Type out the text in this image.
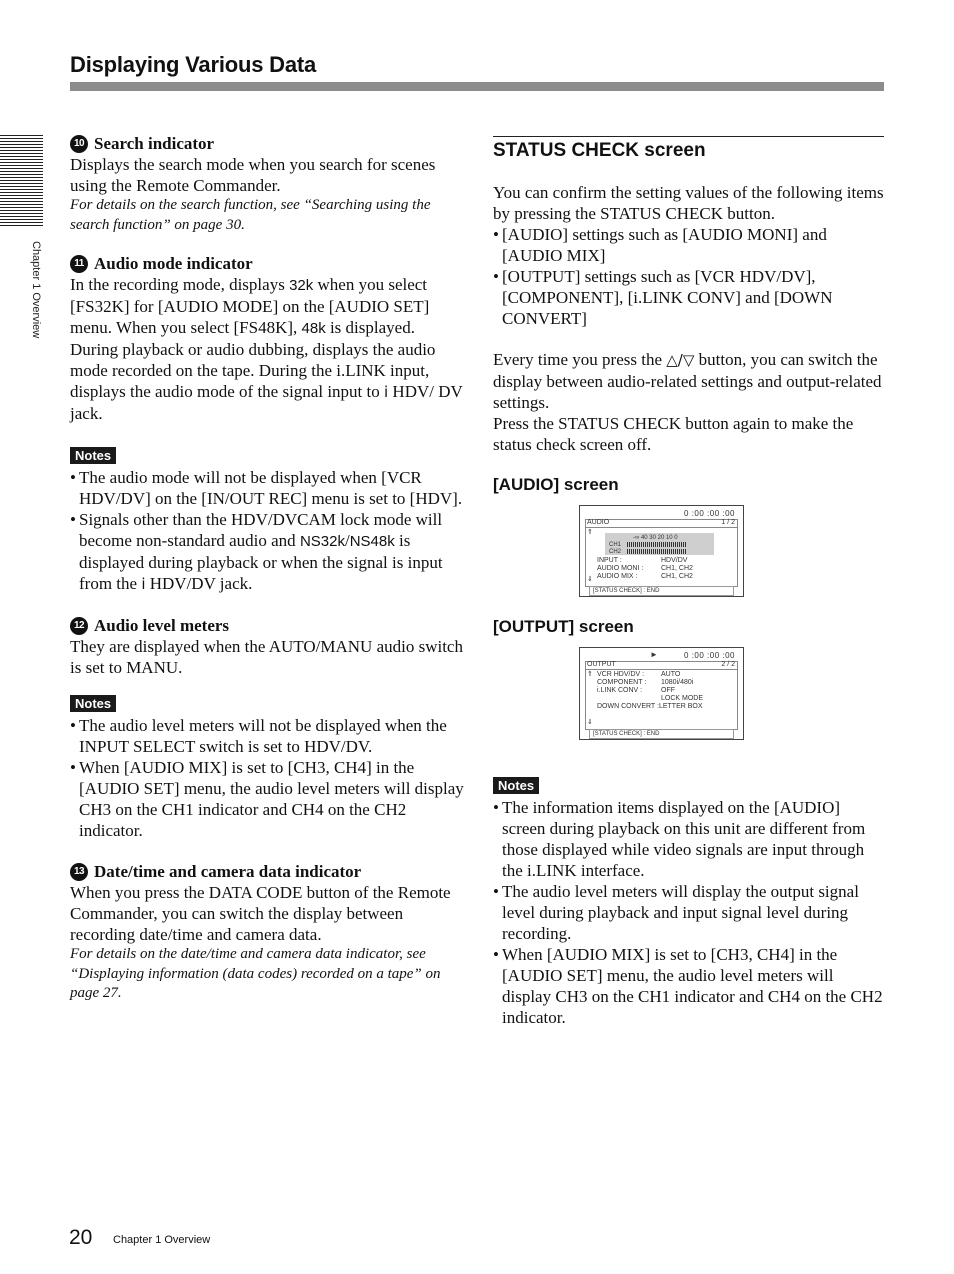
Displaying Various Data
Chapter 1 Overview
10 Search indicator

Displays the search mode when you search for scenes using the Remote Commander.

For details on the search function, see “Searching using the search function” on page 30.

11 Audio mode indicator

In the recording mode, displays 32k when you select [FS32K] for [AUDIO MODE] on the [AUDIO SET] menu. When you select [FS48K], 48k is displayed. During playback or audio dubbing, displays the audio mode recorded on the tape. During the i.LINK input, displays the audio mode of the signal input to i HDV/ DV jack.

Notes
• The audio mode will not be displayed when [VCR HDV/DV] on the [IN/OUT REC] menu is set to [HDV].
• Signals other than the HDV/DVCAM lock mode will become non-standard audio and NS32k/NS48k is displayed during playback or when the signal is input from the i HDV/DV jack.
12 Audio level meters

They are displayed when the AUTO/MANU audio switch is set to MANU.

Notes
• The audio level meters will not be displayed when the INPUT SELECT switch is set to HDV/DV.
• When [AUDIO MIX] is set to [CH3, CH4] in the [AUDIO SET] menu, the audio level meters will display CH3 on the CH1 indicator and CH4 on the CH2 indicator.
13 Date/time and camera data indicator

When you press the DATA CODE button of the Remote Commander, you can switch the display between recording date/time and camera data.

For details on the date/time and camera data indicator, see “Displaying information (data codes) recorded on a tape” on page 27.

STATUS CHECK screen

You can confirm the setting values of the following items by pressing the STATUS CHECK button.

• [AUDIO] settings such as [AUDIO MONI] and [AUDIO MIX]
• [OUTPUT] settings such as [VCR HDV/DV], [COMPONENT], [i.LINK CONV] and [DOWN CONVERT]

Every time you press the △/▽ button, you can switch the display between audio-related settings and output-related settings.

Press the STATUS CHECK button again to make the status check screen off.

[AUDIO] screen
0 :00 :00 :00
AUDIO	1 / 2
⇑
-∞ 40 30 20 10 0
CH1
CH2
INPUT :	HDV/DV
AUDIO MONI :	CH1, CH2
AUDIO MIX :	CH1, CH2
⇓
[STATUS CHECK] : END
[OUTPUT] screen
►	0 :00 :00 :00
OUTPUT	2 / 2
⇑ VCR HDV/DV : AUTO
COMPONENT : 1080i/480i
i.LINK CONV :	OFF
LOCK MODE
DOWN CONVERT :LETTER BOX
⇓
[STATUS CHECK] : END
Notes
• The information items displayed on the [AUDIO] screen during playback on this unit are different from those displayed while video signals are input through the i.LINK interface.
• The audio level meters will display the output signal level during playback and input signal level during recording.
• When [AUDIO MIX] is set to [CH3, CH4] in the [AUDIO SET] menu, the audio level meters will display CH3 on the CH1 indicator and CH4 on the CH2 indicator.
20 Chapter 1 Overview
